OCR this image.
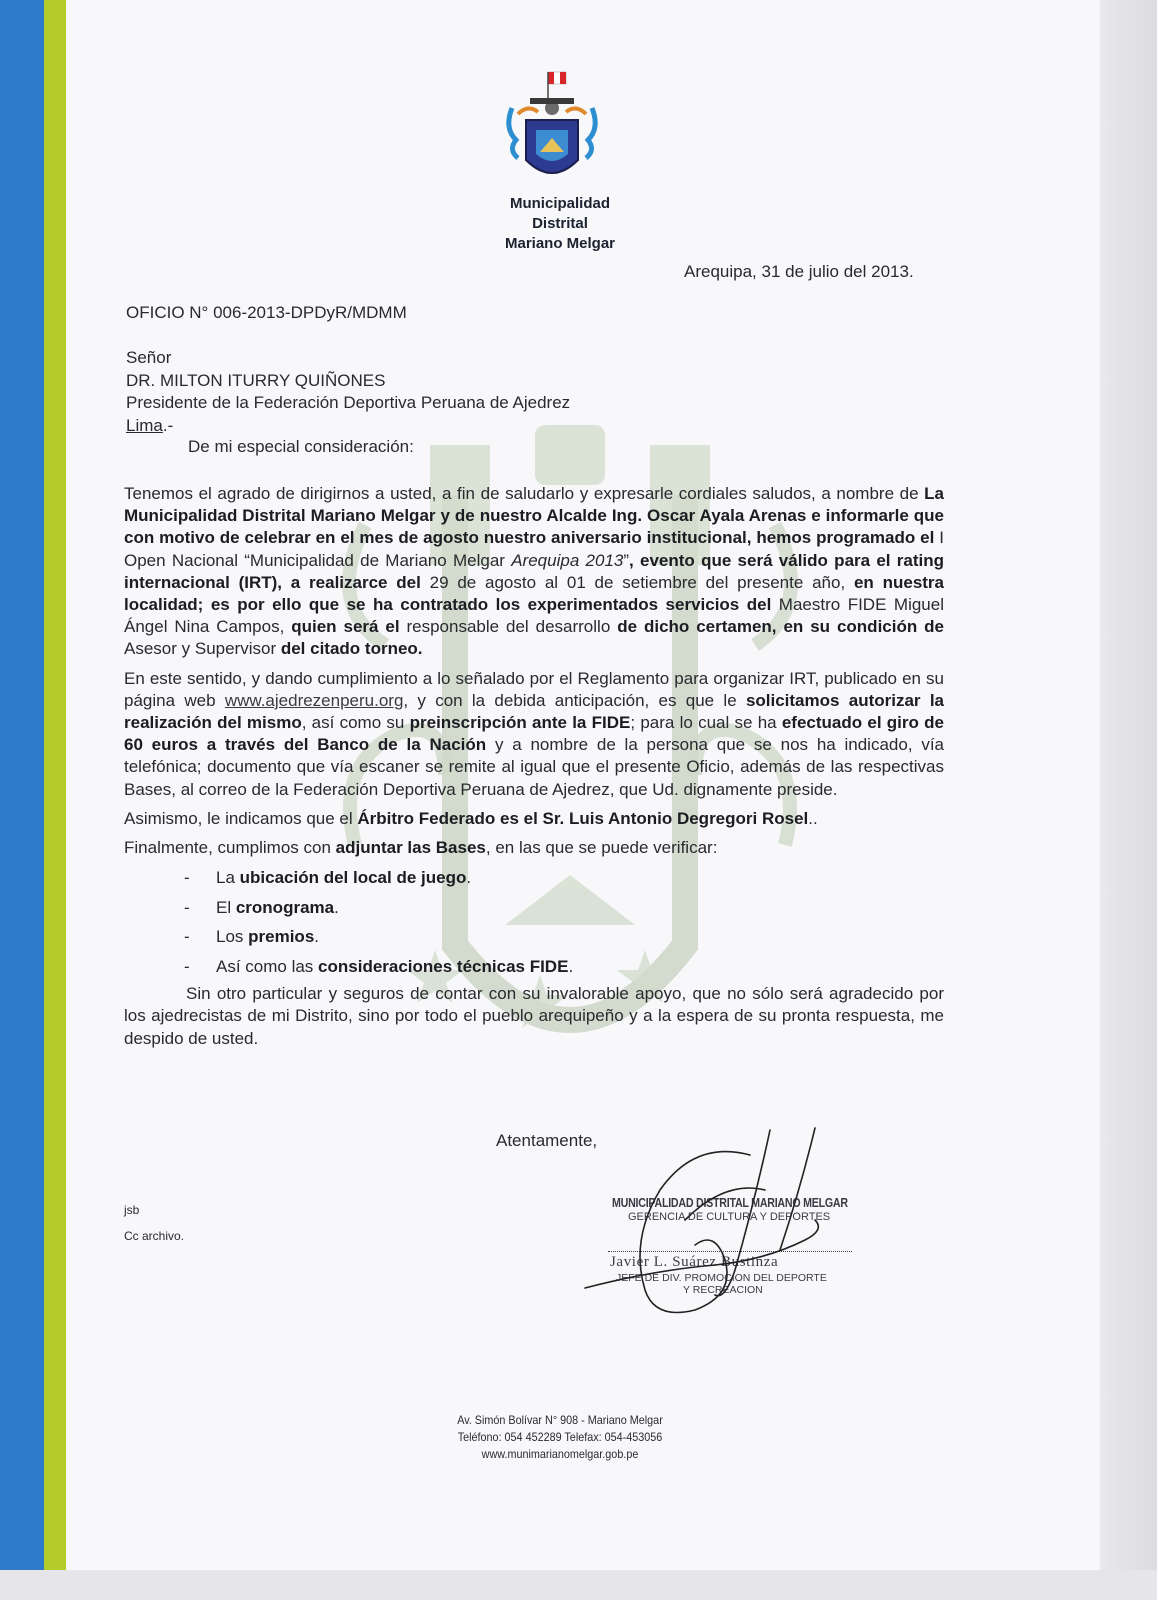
Municipalidad
Distrital
Mariano Melgar
Arequipa, 31 de julio del 2013.
OFICIO N° 006-2013-DPDyR/MDMM
Señor
DR. MILTON ITURRY QUIÑONES
Presidente de la Federación Deportiva Peruana de Ajedrez
Lima.-
De mi especial consideración:

Tenemos el agrado de dirigirnos a usted, a fin de saludarlo y expresarle cordiales saludos, a nombre de La Municipalidad Distrital Mariano Melgar y de nuestro Alcalde Ing. Oscar Ayala Arenas e informarle que con motivo de celebrar en el mes de agosto nuestro aniversario institucional, hemos programado el I Open Nacional “Municipalidad de Mariano Melgar Arequipa 2013”, evento que será válido para el rating internacional (IRT), a realizarce del 29 de agosto al 01 de setiembre del presente año, en nuestra localidad; es por ello que se ha contratado los experimentados servicios del Maestro FIDE Miguel Ángel Nina Campos, quien será el responsable del desarrollo de dicho certamen, en su condición de Asesor y Supervisor del citado torneo.

En este sentido, y dando cumplimiento a lo señalado por el Reglamento para organizar IRT, publicado en su página web www.ajedrezenperu.org, y con la debida anticipación, es que le solicitamos autorizar la realización del mismo, así como su preinscripción ante la FIDE; para lo cual se ha efectuado el giro de 60 euros a través del Banco de la Nación y a nombre de la persona que se nos ha indicado, vía telefónica; documento que vía escaner se remite al igual que el presente Oficio, además de las respectivas Bases, al correo de la Federación Deportiva Peruana de Ajedrez, que Ud. dignamente preside.

Asimismo, le indicamos que el Árbitro Federado es el Sr. Luis Antonio Degregori Rosel..

Finalmente, cumplimos con adjuntar las Bases, en las que se puede verificar:

- La ubicación del local de juego.
- El cronograma.
- Los premios.
- Así como las consideraciones técnicas FIDE.

Sin otro particular y seguros de contar con su invalorable apoyo, que no sólo será agradecido por los ajedrecistas de mi Distrito, sino por todo el pueblo arequipeño y a la espera de su pronta respuesta, me despido de usted.

Atentamente,
jsb
Cc archivo.
MUNICIPALIDAD DISTRITAL MARIANO MELGAR
GERENCIA DE CULTURA Y DEPORTES
Javier L. Suárez Bustinza
JEFE DE DIV. PROMOCION DEL DEPORTE
Y RECREACION
Av. Simón Bolívar N° 908 - Mariano Melgar
Teléfono: 054 452289 Telefax: 054-453056
www.munimarianomelgar.gob.pe
